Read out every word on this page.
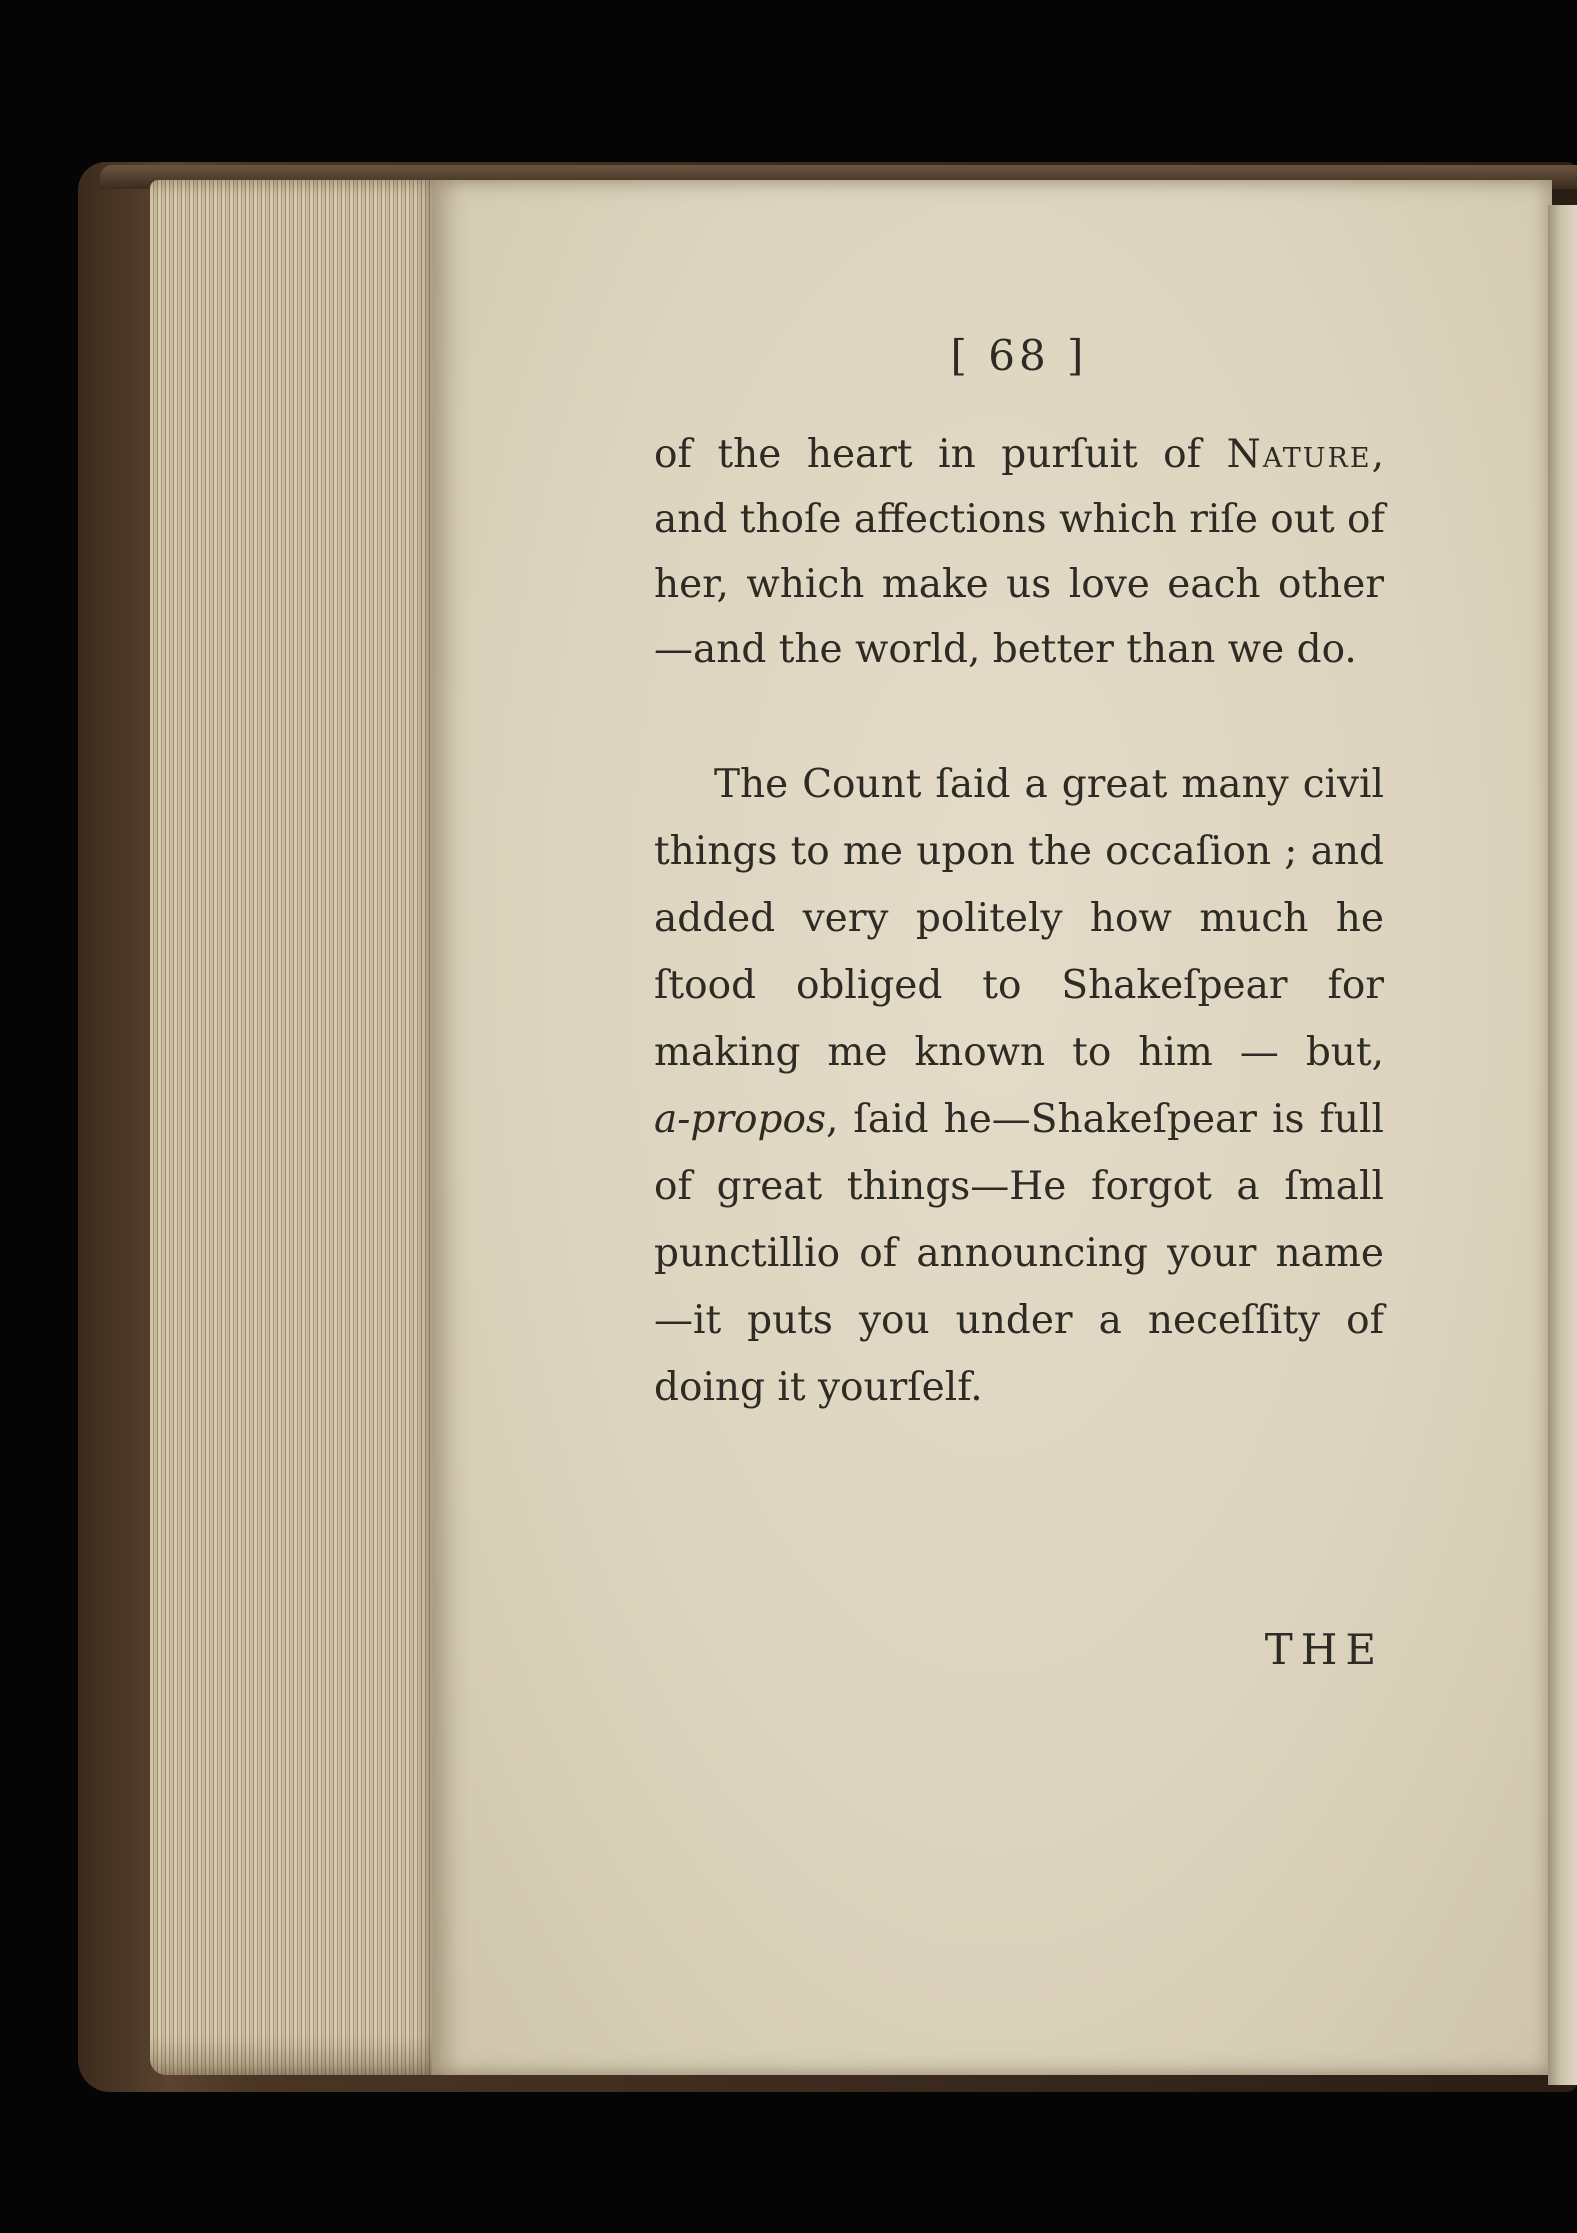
[ 68 ]
of the heart in purſuit of Nature,
and thoſe affections which riſe out of
her, which make us love each other
—and the world, better than we do.
The Count ſaid a great many civil
things to me upon the occaſion ; and
added very politely how much he
ſtood obliged to Shakeſpear for
making me known to him — but,
a-propos, ſaid he—Shakeſpear is full
of great things—He forgot a ſmall
punctillio of announcing your name
—it puts you under a neceſſity of
doing it yourſelf.
THE
